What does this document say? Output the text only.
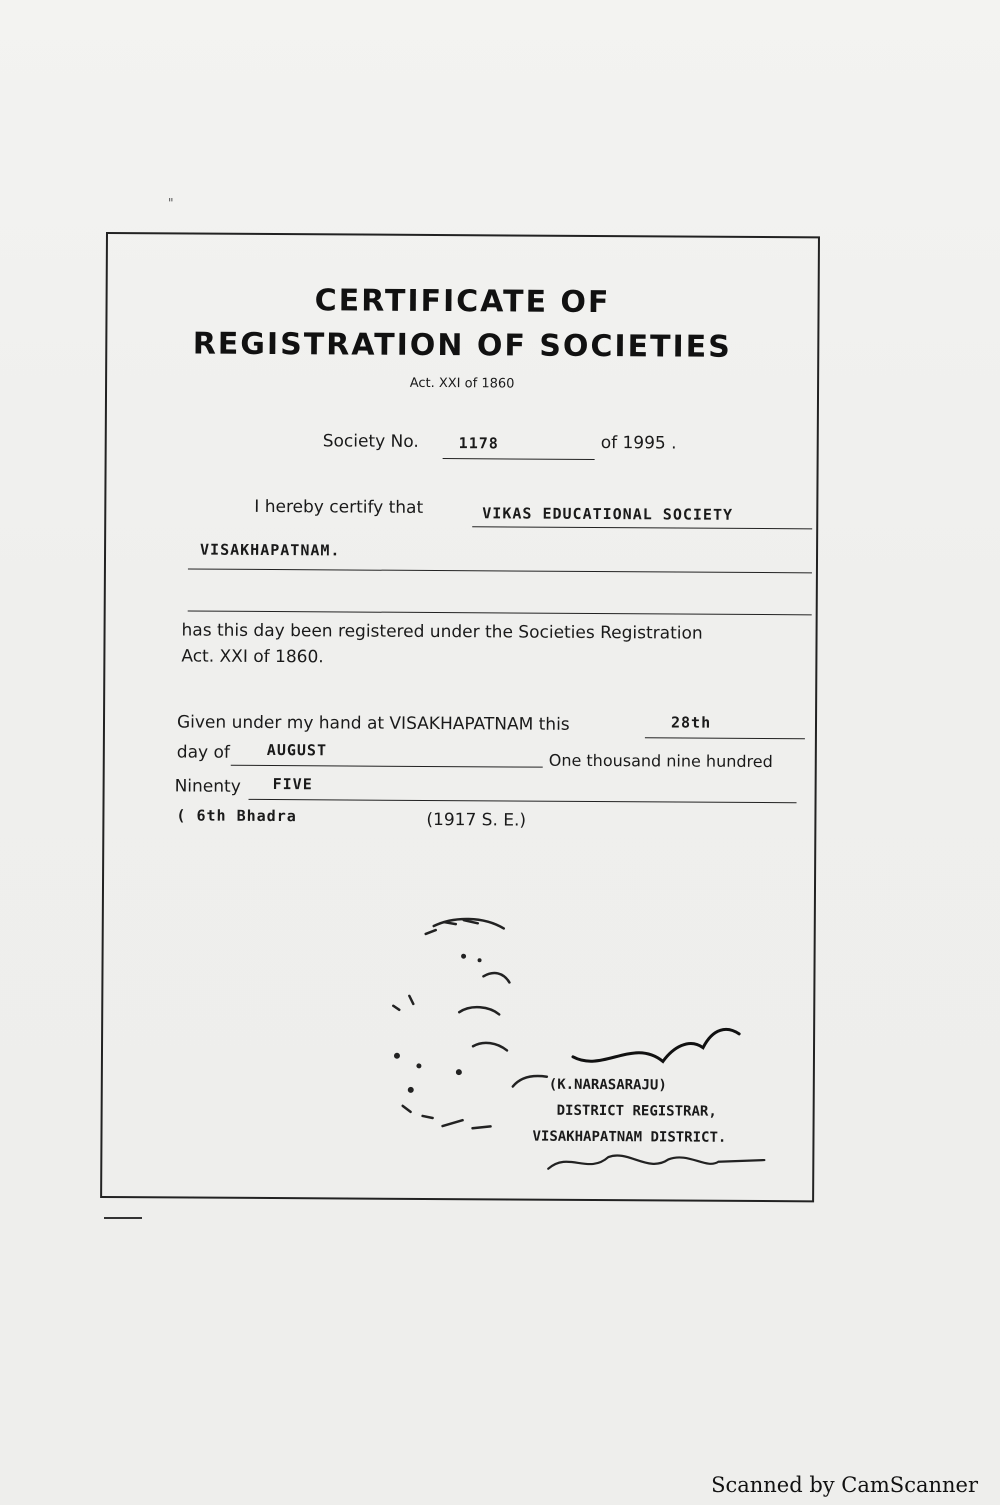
"
CERTIFICATE OF
REGISTRATION OF SOCIETIES
Act. XXI of 1860
Society No.	1178	of 1995 .
I hereby certify that	VIKAS EDUCATIONAL SOCIETY
VISAKHAPATNAM.
has this day been registered under the Societies Registration
Act. XXI of 1860.
Given under my hand at VISAKHAPATNAM this	28th
day of AUGUST
One thousand nine hundred
Ninenty FIVE
( 6th Bhadra	(1917 S. E.)
(K.NARASARAJU)
DISTRICT REGISTRAR,
VISAKHAPATNAM DISTRICT.
Scanned by CamScanner
